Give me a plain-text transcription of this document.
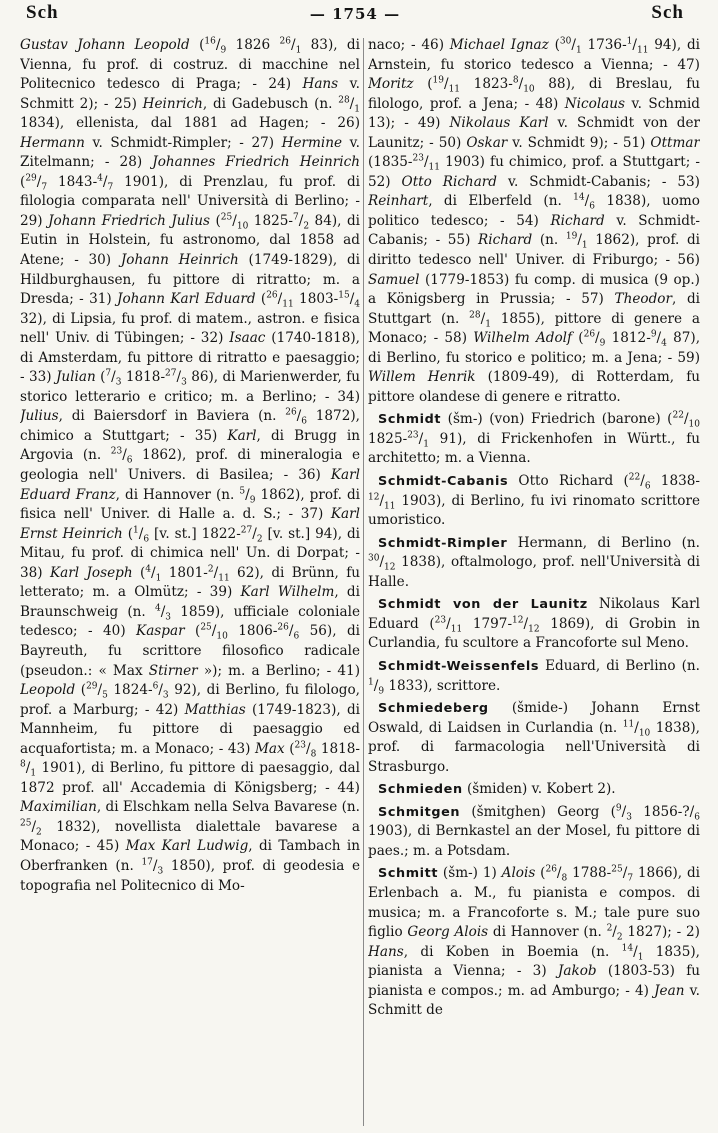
Sch	— 1754 —	Sch

Gustav Johann Leopold ($^{16}/_9$ 1826 $^{26}/_1$ 83), di Vienna, fu prof. di costruz. di macchine nel Politecnico tedesco di Praga; - 24) Hans v. Schmitt 2); - 25) Heinrich, di Gadebusch (n. $^{28}/_1$ 1834), ellenista, dal 1881 ad Hagen; - 26) Hermann v. Schmidt-Rimpler; - 27) Hermine v. Zitelmann; - 28) Johannes Friedrich Heinrich ($^{29}/_7$ $1843-^4/_7$ 1901), di Prenzlau, fu prof. di filologia comparata nell' Università di Berlino; - 29) Johann Friedrich Julius ($^{25}/_{10}$ $1825-^7/_2$ 84), di Eutin in Holstein, fu astronomo, dal 1858 ad Atene; - 30) Johann Heinrich (1749-1829), di Hildburghausen, fu pittore di ritratto; m. a Dresda; - 31) Johann Karl Eduard ($^{26}/_{11}$ $1803-^{15}/_4$ 32), di Lipsia, fu prof. di matem., astron. e fisica nell' Univ. di Tübingen; - 32) Isaac (1740-1818), di Amsterdam, fu pittore di ritratto e paesaggio; - 33) Julian ($^7/_3$ $1818-^{27}/_3$ 86), di Marienwerder, fu storico letterario e critico; m. a Berlino; - 34) Julius, di Baiersdorf in Baviera (n. $^{26}/_6$ 1872), chimico a Stuttgart; - 35) Karl, di Brugg in Argovia (n. $^{23}/_6$ 1862), prof. di mineralogia e geologia nell' Univers. di Basilea; - 36) Karl Eduard Franz, di Hannover (n. $^5/_9$ 1862), prof. di fisica nell' Univer. di Halle a. d. S.; - 37) Karl Ernst Heinrich ($^1/_6$ [v. st.] $1822-^{27}/_2$ [v. st.] 94), di Mitau, fu prof. di chimica nell' Un. di Dorpat; - 38) Karl Joseph ($^4/_1$ $1801-^2/_{11}$ 62), di Brünn, fu letterato; m. a Olmütz; - 39) Karl Wilhelm, di Braunschweig (n. $^4/_3$ 1859), ufficiale coloniale tedesco; - 40) Kaspar ($^{25}/_{10}$ $1806-^{26}/_6$ 56), di Bayreuth, fu scrittore filosofico radicale (pseudon.: « Max Stirner »); m. a Berlino; - 41) Leopold ($^{29}/_5$ $1824-^6/_3$ 92), di Berlino, fu filologo, prof. a Marburg; - 42) Matthias (1749-1823), di Mannheim, fu pittore di paesaggio ed acquafortista; m. a Monaco; - 43) Max ($^{23}/_8$ $1818-^8/_1$ 1901), di Berlino, fu pittore di paesaggio, dal 1872 prof. all' Accademia di Königsberg; - 44) Maximilian, di Elschkam nella Selva Bavarese (n. $^{25}/_2$ 1832), novellista dialettale bavarese a Monaco; - 45) Max Karl Ludwig, di Tambach in Oberfranken (n. $^{17}/_3$ 1850), prof. di geodesia e topografia nel Politecnico di Mo-

naco; - 46) Michael Ignaz ($^{30}/_1$ $1736-^1/_{11}$ 94), di Arnstein, fu storico tedesco a Vienna; - 47) Moritz ($^{19}/_{11}$ $1823-^8/_{10}$ 88), di Breslau, fu filologo, prof. a Jena; - 48) Nicolaus v. Schmid 13); - 49) Nikolaus Karl v. Schmidt von der Launitz; - 50) Oskar v. Schmidt 9); - 51) Ottmar ($1835-^{23}/_{11}$ 1903) fu chimico, prof. a Stuttgart; - 52) Otto Richard v. Schmidt-Cabanis; - 53) Reinhart, di Elberfeld (n. $^{14}/_6$ 1838), uomo politico tedesco; - 54) Richard v. Schmidt-Cabanis; - 55) Richard (n. $^{19}/_1$ 1862), prof. di diritto tedesco nell' Univer. di Friburgo; - 56) Samuel (1779-1853) fu comp. di musica (9 op.) a Königsberg in Prussia; - 57) Theodor, di Stuttgart (n. $^{28}/_1$ 1855), pittore di genere a Monaco; - 58) Wilhelm Adolf ($^{26}/_9$ $1812-^9/_4$ 87), di Berlino, fu storico e politico; m. a Jena; - 59) Willem Henrik (1809-49), di Rotterdam, fu pittore olandese di genere e ritratto.

Schmidt (šm-) (von) Friedrich (barone) ($^{22}/_{10}$ $1825-^{23}/_1$ 91), di Frickenhofen in Württ., fu architetto; m. a Vienna.

Schmidt-Cabanis Otto Richard ($^{22}/_6$ $1838-^{12}/_{11}$ 1903), di Berlino, fu ivi rinomato scrittore umoristico.

Schmidt-Rimpler Hermann, di Berlino (n. $^{30}/_{12}$ 1838), oftalmologo, prof. nell'Università di Halle.

Schmidt von der Launitz Nikolaus Karl Eduard ($^{23}/_{11}$ $1797-^{12}/_{12}$ 1869), di Grobin in Curlandia, fu scultore a Francoforte sul Meno.

Schmidt-Weissenfels Eduard, di Berlino (n. $^1/_9$ 1833), scrittore.

Schmiedeberg (šmide-) Johann Ernst Oswald, di Laidsen in Curlandia (n. $^{11}/_{10}$ 1838), prof. di farmacologia nell'Università di Strasburgo.

Schmieden (šmiden) v. Kobert 2).

Schmitgen (šmitghen) Georg ($^9/_3$ $1856-?/_6$ 1903), di Bernkastel an der Mosel, fu pittore di paes.; m. a Potsdam.

Schmitt (šm-) 1) Alois ($^{26}/_8$ $1788-^{25}/_7$ 1866), di Erlenbach a. M., fu pianista e compos. di musica; m. a Francoforte s. M.; tale pure suo figlio Georg Alois di Hannover (n. $^2/_2$ 1827); - 2) Hans, di Koben in Boemia (n. $^{14}/_1$ 1835), pianista a Vienna; - 3) Jakob (1803-53) fu pianista e compos.; m. ad Amburgo; - 4) Jean v. Schmitt de
